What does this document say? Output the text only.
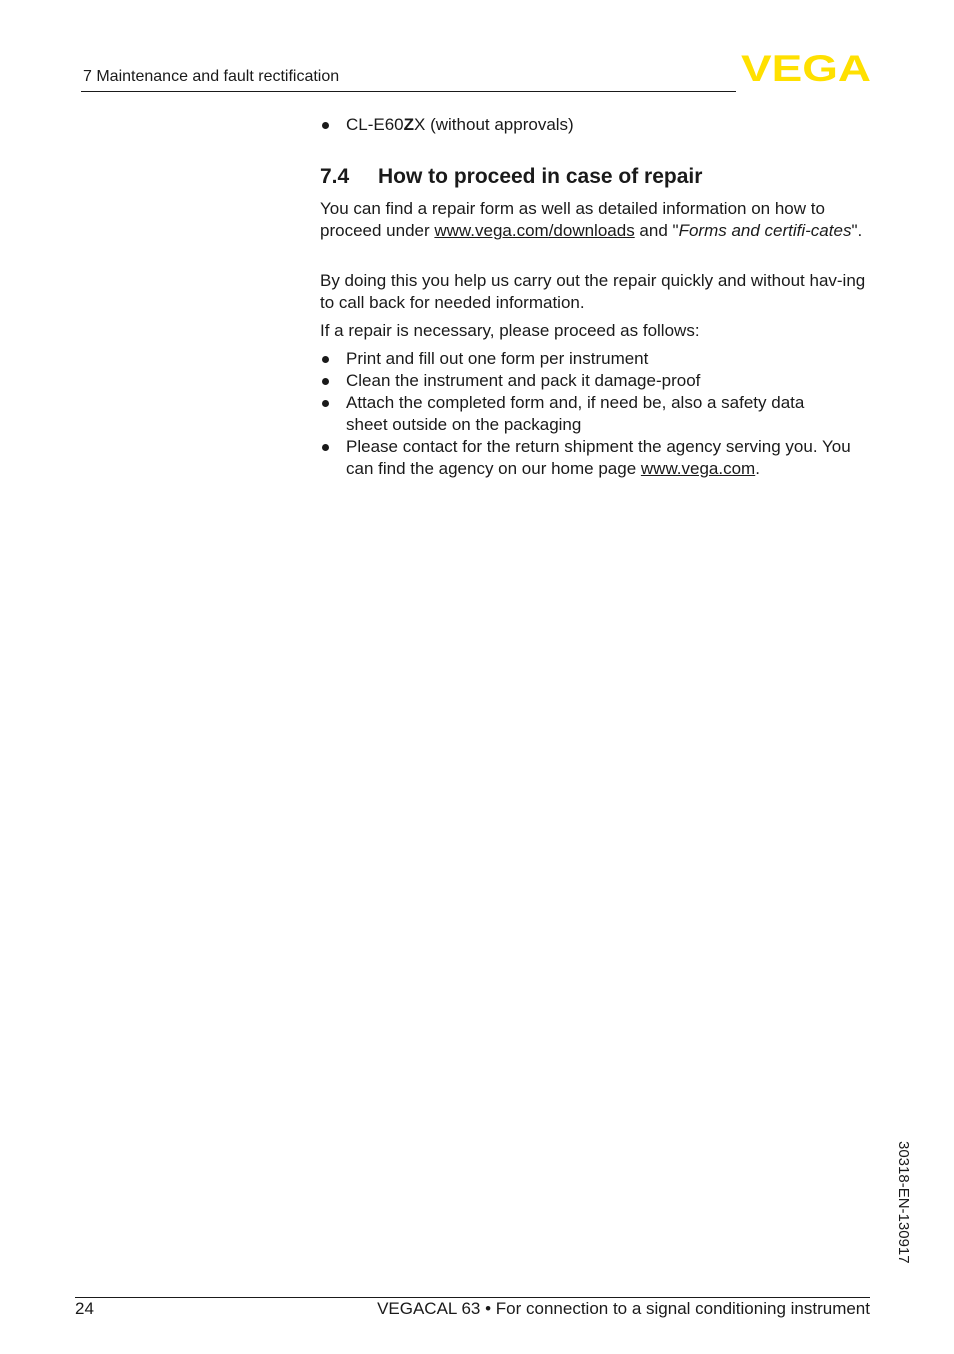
7 Maintenance and fault rectification	VEGA
CL-E60ZX (without approvals)
7.4 How to proceed in case of repair
You can find a repair form as well as detailed information on how to proceed under www.vega.com/downloads and "Forms and certifi-cates".
By doing this you help us carry out the repair quickly and without hav-ing to call back for needed information.
If a repair is necessary, please proceed as follows:
Print and fill out one form per instrument
Clean the instrument and pack it damage-proof
Attach the completed form and, if need be, also a safety data sheet outside on the packaging
Please contact for the return shipment the agency serving you. You can find the agency on our home page www.vega.com.
30318-EN-130917
24	VEGACAL 63 • For connection to a signal conditioning instrument
